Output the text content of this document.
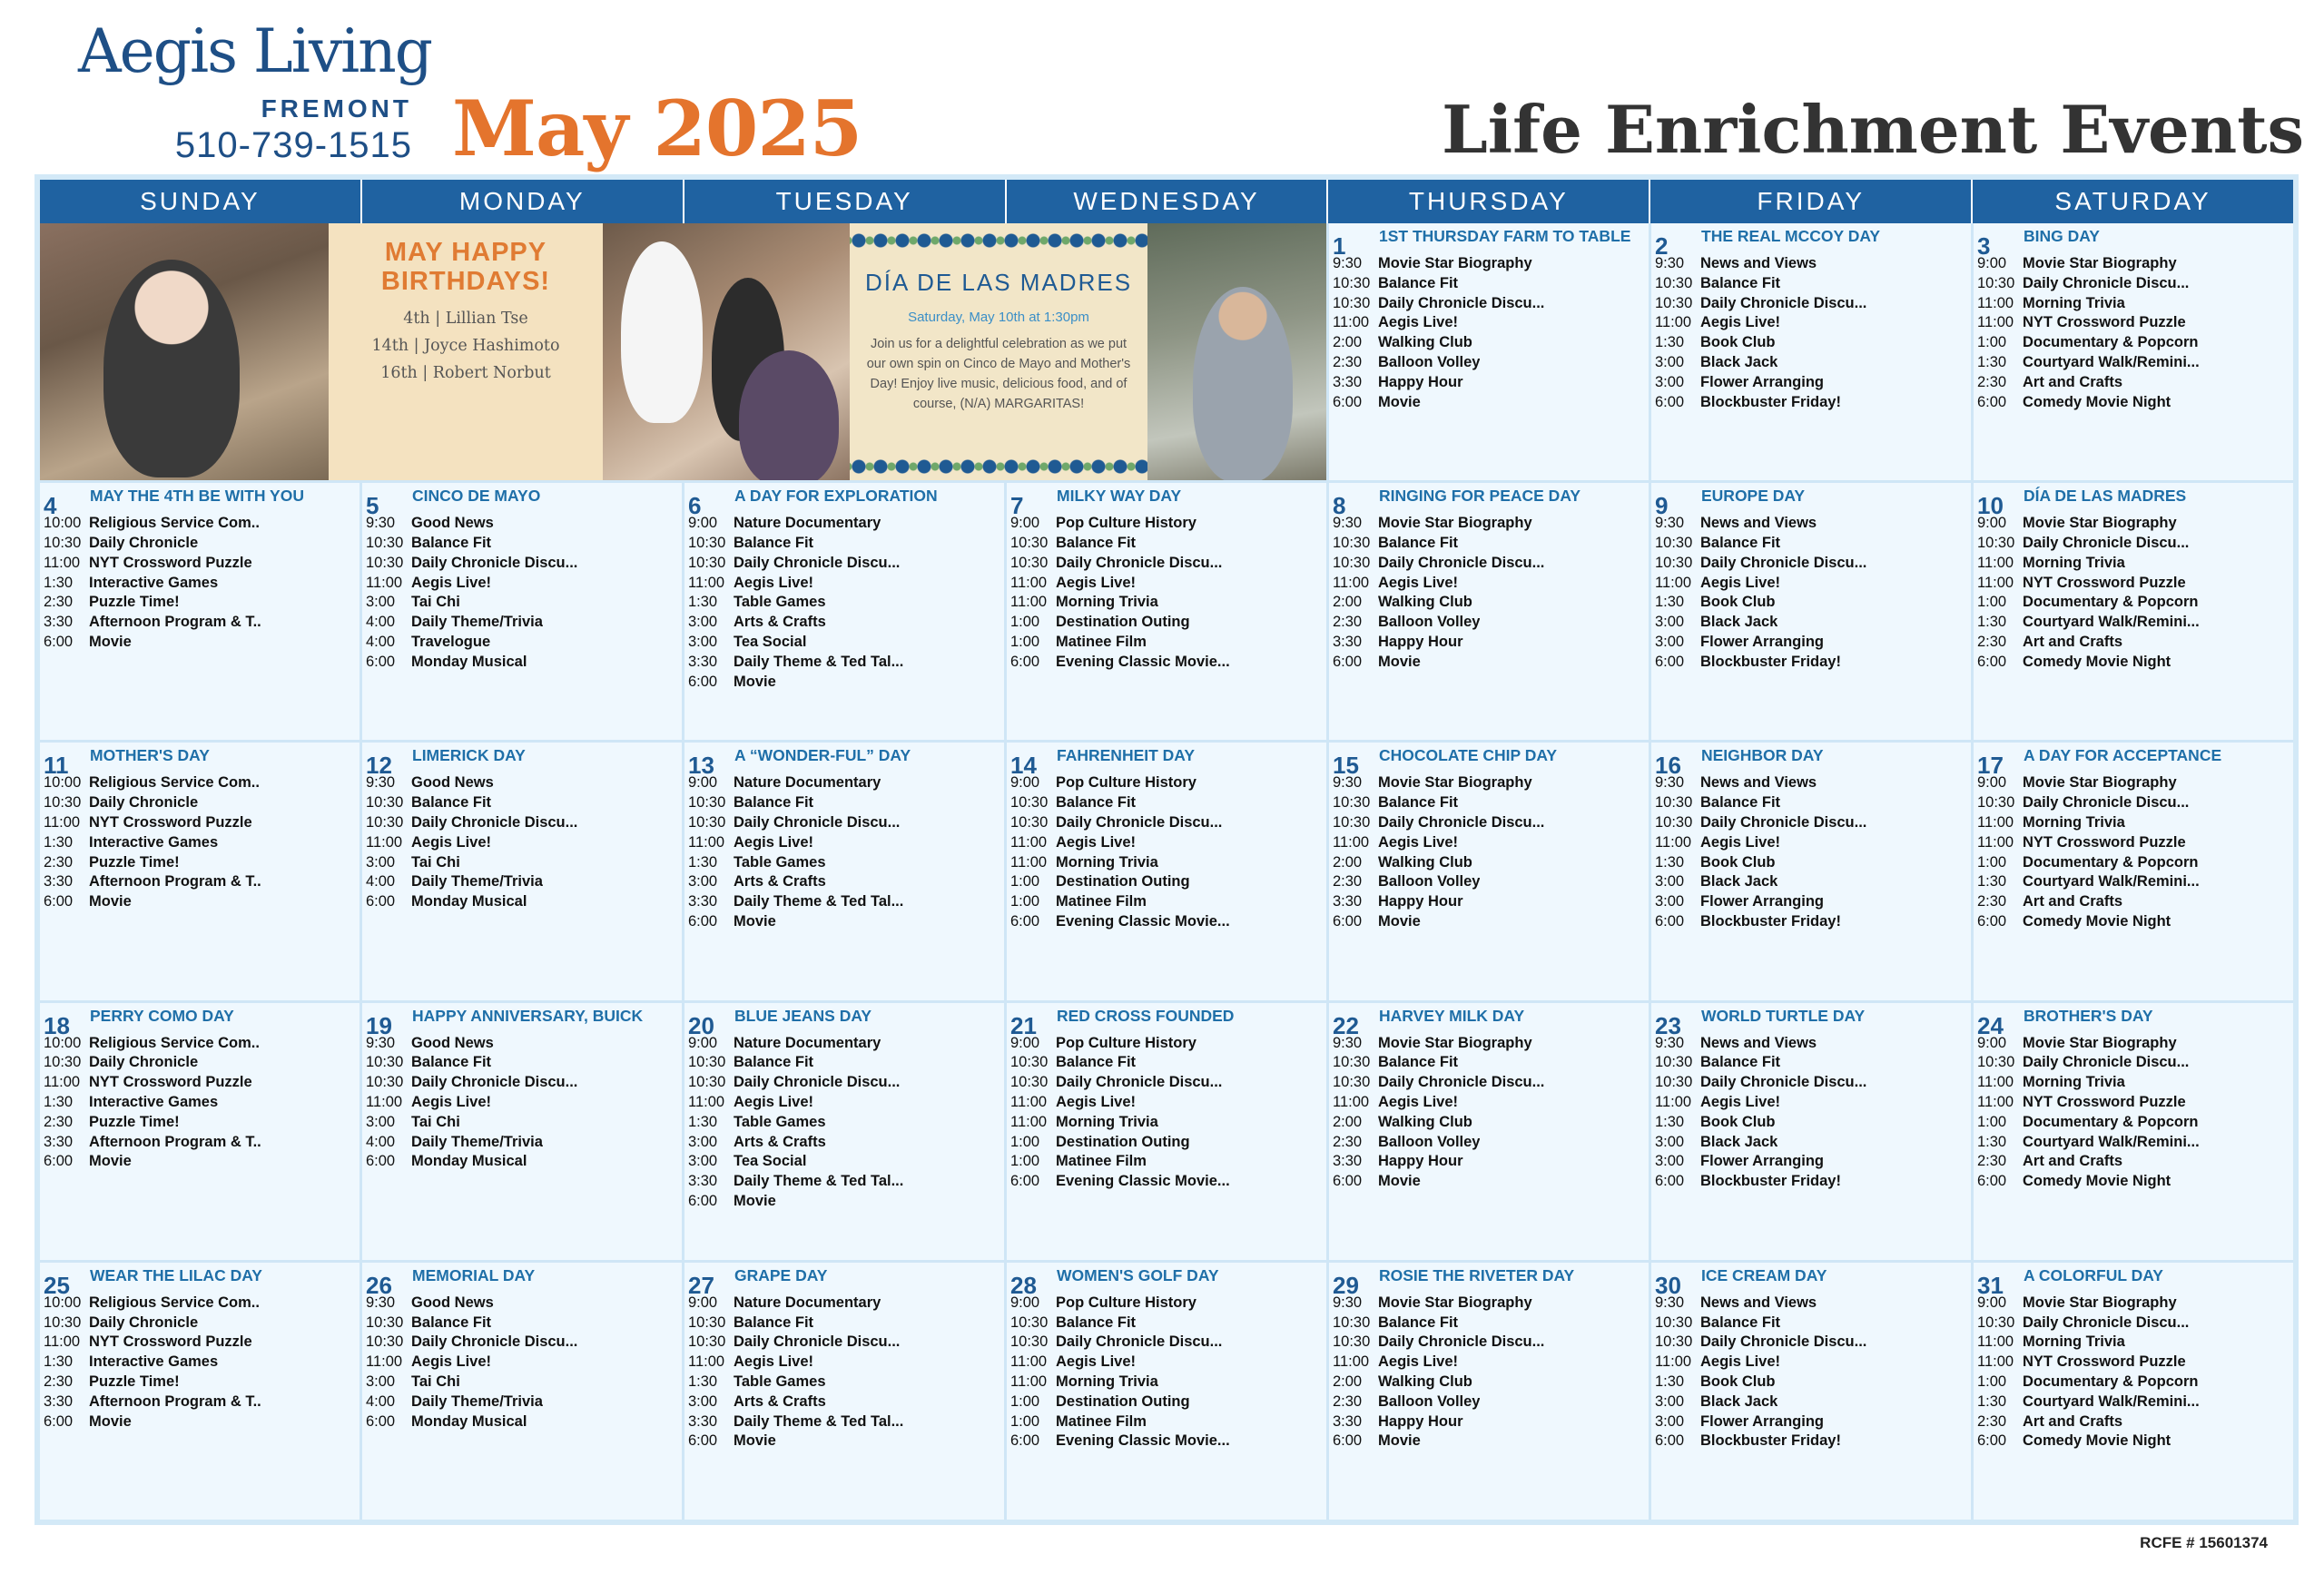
Aegis Living
FREMONT
510-739-1515 May 2025	Life Enrichment Events
SUNDAY	MONDAY	TUESDAY	WEDNESDAY	THURSDAY	FRIDAY	SATURDAY
MAY HAPPY BIRTHDAYS!
4th | Lillian Tse
14th | Joyce Hashimoto
16th | Robert Norbut
DÍA DE LAS MADRES
Saturday, May 10th at 1:30pm
Join us for a delightful celebration as we put our own spin on Cinco de Mayo and Mother's Day! Enjoy live music, delicious food, and of course, (N/A) MARGARITAS!
1 1ST THURSDAY FARM TO TABLE
9:30	Movie Star Biography
10:30 Balance Fit
10:30 Daily Chronicle Discu...
11:00 Aegis Live!
2:00	Walking Club
2:30	Balloon Volley
3:30	Happy Hour
6:00	Movie
2 THE REAL MCCOY DAY
9:30	News and Views
10:30 Balance Fit
10:30 Daily Chronicle Discu...
11:00 Aegis Live!
1:30	Book Club
3:00	Black Jack
3:00	Flower Arranging
6:00	Blockbuster Friday!
3 BING DAY
9:00	Movie Star Biography
10:30 Daily Chronicle Discu...
11:00 Morning Trivia
11:00 NYT Crossword Puzzle
1:00	Documentary & Popcorn
1:30	Courtyard Walk/Remini...
2:30	Art and Crafts
6:00	Comedy Movie Night
4 MAY THE 4TH BE WITH YOU
10:00 Religious Service Com..
10:30 Daily Chronicle
11:00 NYT Crossword Puzzle
1:30	Interactive Games
2:30	Puzzle Time!
3:30	Afternoon Program & T..
6:00	Movie
5 CINCO DE MAYO
9:30	Good News
10:30 Balance Fit
10:30 Daily Chronicle Discu...
11:00 Aegis Live!
3:00	Tai Chi
4:00	Daily Theme/Trivia
4:00	Travelogue
6:00	Monday Musical
6 A DAY FOR EXPLORATION
9:00	Nature Documentary
10:30 Balance Fit
10:30 Daily Chronicle Discu...
11:00 Aegis Live!
1:30	Table Games
3:00	Arts & Crafts
3:00	Tea Social
3:30	Daily Theme & Ted Tal...
6:00	Movie
7 MILKY WAY DAY
9:00	Pop Culture History
10:30 Balance Fit
10:30 Daily Chronicle Discu...
11:00 Aegis Live!
11:00 Morning Trivia
1:00	Destination Outing
1:00	Matinee Film
6:00	Evening Classic Movie...
8 RINGING FOR PEACE DAY
9:30	Movie Star Biography
10:30 Balance Fit
10:30 Daily Chronicle Discu...
11:00 Aegis Live!
2:00	Walking Club
2:30	Balloon Volley
3:30	Happy Hour
6:00	Movie
9 EUROPE DAY
9:30	News and Views
10:30 Balance Fit
10:30 Daily Chronicle Discu...
11:00 Aegis Live!
1:30	Book Club
3:00	Black Jack
3:00	Flower Arranging
6:00	Blockbuster Friday!
10 DÍA DE LAS MADRES
9:00	Movie Star Biography
10:30 Daily Chronicle Discu...
11:00 Morning Trivia
11:00 NYT Crossword Puzzle
1:00	Documentary & Popcorn
1:30	Courtyard Walk/Remini...
2:30	Art and Crafts
6:00	Comedy Movie Night
11 MOTHER'S DAY
10:00 Religious Service Com..
10:30 Daily Chronicle
11:00 NYT Crossword Puzzle
1:30	Interactive Games
2:30	Puzzle Time!
3:30	Afternoon Program & T..
6:00	Movie
12 LIMERICK DAY
9:30	Good News
10:30 Balance Fit
10:30 Daily Chronicle Discu...
11:00 Aegis Live!
3:00	Tai Chi
4:00	Daily Theme/Trivia
6:00	Monday Musical
13 A “WONDER-FUL” DAY
9:00	Nature Documentary
10:30 Balance Fit
10:30 Daily Chronicle Discu...
11:00 Aegis Live!
1:30	Table Games
3:00	Arts & Crafts
3:30	Daily Theme & Ted Tal...
6:00	Movie
14 FAHRENHEIT DAY
9:00	Pop Culture History
10:30 Balance Fit
10:30 Daily Chronicle Discu...
11:00 Aegis Live!
11:00 Morning Trivia
1:00	Destination Outing
1:00	Matinee Film
6:00	Evening Classic Movie...
15 CHOCOLATE CHIP DAY
9:30	Movie Star Biography
10:30 Balance Fit
10:30 Daily Chronicle Discu...
11:00 Aegis Live!
2:00	Walking Club
2:30	Balloon Volley
3:30	Happy Hour
6:00	Movie
16 NEIGHBOR DAY
9:30	News and Views
10:30 Balance Fit
10:30 Daily Chronicle Discu...
11:00 Aegis Live!
1:30	Book Club
3:00	Black Jack
3:00	Flower Arranging
6:00	Blockbuster Friday!
17 A DAY FOR ACCEPTANCE
9:00	Movie Star Biography
10:30 Daily Chronicle Discu...
11:00 Morning Trivia
11:00 NYT Crossword Puzzle
1:00	Documentary & Popcorn
1:30	Courtyard Walk/Remini...
2:30	Art and Crafts
6:00	Comedy Movie Night
18 PERRY COMO DAY
10:00 Religious Service Com..
10:30 Daily Chronicle
11:00 NYT Crossword Puzzle
1:30	Interactive Games
2:30	Puzzle Time!
3:30	Afternoon Program & T..
6:00	Movie
19 HAPPY ANNIVERSARY, BUICK
9:30	Good News
10:30 Balance Fit
10:30 Daily Chronicle Discu...
11:00 Aegis Live!
3:00	Tai Chi
4:00	Daily Theme/Trivia
6:00	Monday Musical
20 BLUE JEANS DAY
9:00	Nature Documentary
10:30 Balance Fit
10:30 Daily Chronicle Discu...
11:00 Aegis Live!
1:30	Table Games
3:00	Arts & Crafts
3:00	Tea Social
3:30	Daily Theme & Ted Tal...
6:00	Movie
21 RED CROSS FOUNDED
9:00	Pop Culture History
10:30 Balance Fit
10:30 Daily Chronicle Discu...
11:00 Aegis Live!
11:00 Morning Trivia
1:00	Destination Outing
1:00	Matinee Film
6:00	Evening Classic Movie...
22 HARVEY MILK DAY
9:30	Movie Star Biography
10:30 Balance Fit
10:30 Daily Chronicle Discu...
11:00 Aegis Live!
2:00	Walking Club
2:30	Balloon Volley
3:30	Happy Hour
6:00	Movie
23 WORLD TURTLE DAY
9:30	News and Views
10:30 Balance Fit
10:30 Daily Chronicle Discu...
11:00 Aegis Live!
1:30	Book Club
3:00	Black Jack
3:00	Flower Arranging
6:00	Blockbuster Friday!
24 BROTHER'S DAY
9:00	Movie Star Biography
10:30 Daily Chronicle Discu...
11:00 Morning Trivia
11:00 NYT Crossword Puzzle
1:00	Documentary & Popcorn
1:30	Courtyard Walk/Remini...
2:30	Art and Crafts
6:00	Comedy Movie Night
25 WEAR THE LILAC DAY
10:00 Religious Service Com..
10:30 Daily Chronicle
11:00 NYT Crossword Puzzle
1:30	Interactive Games
2:30	Puzzle Time!
3:30	Afternoon Program & T..
6:00	Movie
26 MEMORIAL DAY
9:30	Good News
10:30 Balance Fit
10:30 Daily Chronicle Discu...
11:00 Aegis Live!
3:00	Tai Chi
4:00	Daily Theme/Trivia
6:00	Monday Musical
27 GRAPE DAY
9:00	Nature Documentary
10:30 Balance Fit
10:30 Daily Chronicle Discu...
11:00 Aegis Live!
1:30	Table Games
3:00	Arts & Crafts
3:30	Daily Theme & Ted Tal...
6:00	Movie
28 WOMEN'S GOLF DAY
9:00	Pop Culture History
10:30 Balance Fit
10:30 Daily Chronicle Discu...
11:00 Aegis Live!
11:00 Morning Trivia
1:00	Destination Outing
1:00	Matinee Film
6:00	Evening Classic Movie...
29 ROSIE THE RIVETER DAY
9:30	Movie Star Biography
10:30 Balance Fit
10:30 Daily Chronicle Discu...
11:00 Aegis Live!
2:00	Walking Club
2:30	Balloon Volley
3:30	Happy Hour
6:00	Movie
30 ICE CREAM DAY
9:30	News and Views
10:30 Balance Fit
10:30 Daily Chronicle Discu...
11:00 Aegis Live!
1:30	Book Club
3:00	Black Jack
3:00	Flower Arranging
6:00	Blockbuster Friday!
31 A COLORFUL DAY
9:00	Movie Star Biography
10:30 Daily Chronicle Discu...
11:00 Morning Trivia
11:00 NYT Crossword Puzzle
1:00	Documentary & Popcorn
1:30	Courtyard Walk/Remini...
2:30	Art and Crafts
6:00	Comedy Movie Night
RCFE # 15601374
